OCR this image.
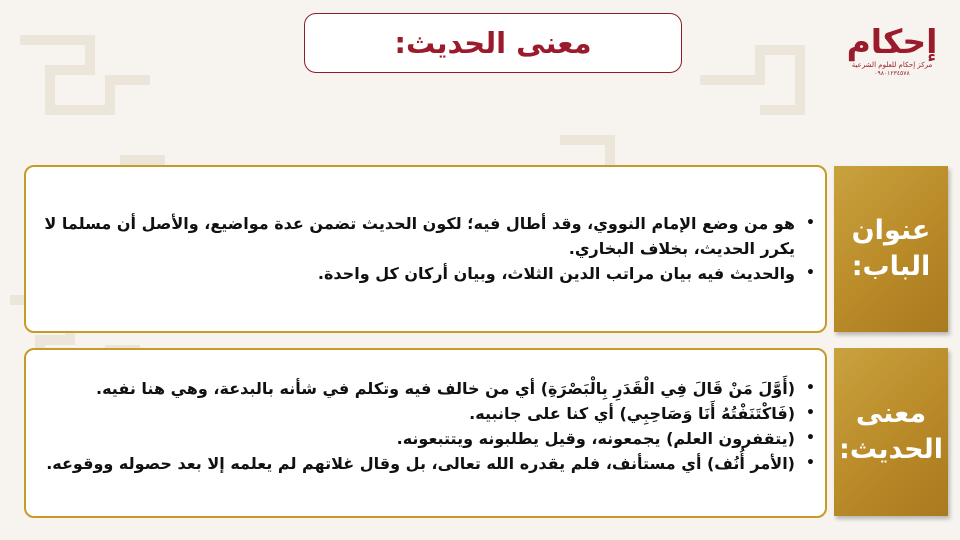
معنى الحديث:	إحكام
مركز إحكام للعلوم الشرعية
٠٩٨٠١٢٣٤٥٧٨
•
هو من وضع الإمام النووي، وقد أطال فيه؛ لكون الحديث تضمن عدة مواضيع، والأصل أن مسلما لا يكرر الحديث، بخلاف البخاري.
•
والحديث فيه بيان مراتب الدين الثلاث، وبيان أركان كل واحدة.
عنوان
الباب:
•
(أَوَّلَ مَنْ قَالَ فِي الْقَدَرِ بِالْبَصْرَةِ) أي من خالف فيه وتكلم في شأنه بالبدعة، وهي هنا نفيه.
•
(فَاكْتَنَفْتُهُ أَنَا وَصَاحِبِي) أي كنا على جانبيه.
•
(يتقفرون العلم) يجمعونه، وقيل يطلبونه ويتتبعونه.
•
(الأمر أُنُف) أي مستأنف، فلم يقدره الله تعالى، بل وقال غلاتهم لم يعلمه إلا بعد حصوله ووقوعه.
معنى
الحديث:
